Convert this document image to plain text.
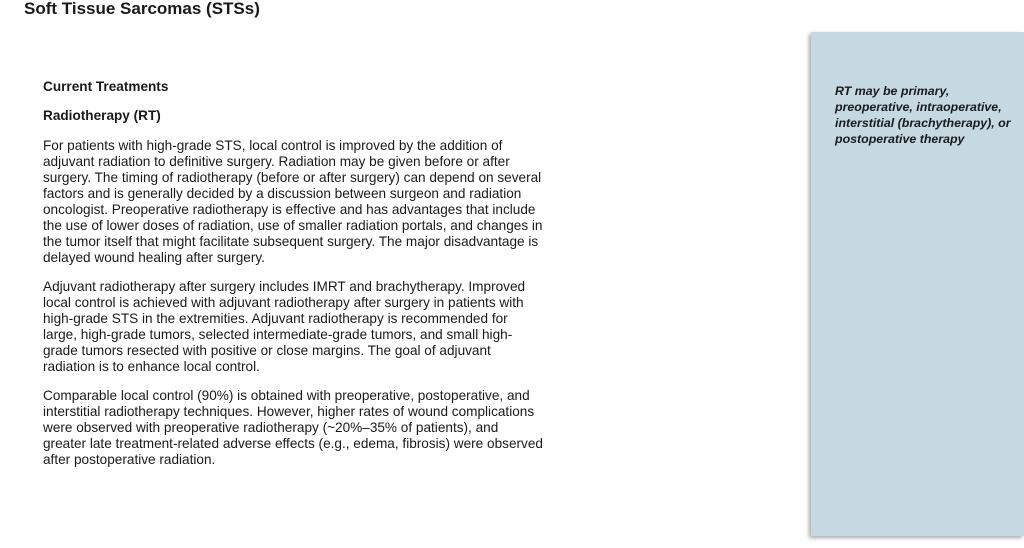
Soft Tissue Sarcomas (STSs)

Current Treatments

Radiotherapy (RT)

For patients with high-grade STS, local control is improved by the addition of adjuvant radiation to definitive surgery. Radiation may be given before or after surgery. The timing of radiotherapy (before or after surgery) can depend on several factors and is generally decided by a discussion between surgeon and radiation oncologist. Preoperative radiotherapy is effective and has advantages that include the use of lower doses of radiation, use of smaller radiation portals, and changes in the tumor itself that might facilitate subsequent surgery. The major disadvantage is delayed wound healing after surgery.

Adjuvant radiotherapy after surgery includes IMRT and brachytherapy. Improved local control is achieved with adjuvant radiotherapy after surgery in patients with high-grade STS in the extremities. Adjuvant radiotherapy is recommended for large, high-grade tumors, selected intermediate-grade tumors, and small high-grade tumors resected with positive or close margins. The goal of adjuvant radiation is to enhance local control.

Comparable local control (90%) is obtained with preoperative, postoperative, and interstitial radiotherapy techniques. However, higher rates of wound complications were observed with preoperative radiotherapy (~20%–35% of patients), and greater late treatment-related adverse effects (e.g., edema, fibrosis) were observed after postoperative radiation.

RT may be primary, preoperative, intraoperative, interstitial (brachytherapy), or postoperative therapy
